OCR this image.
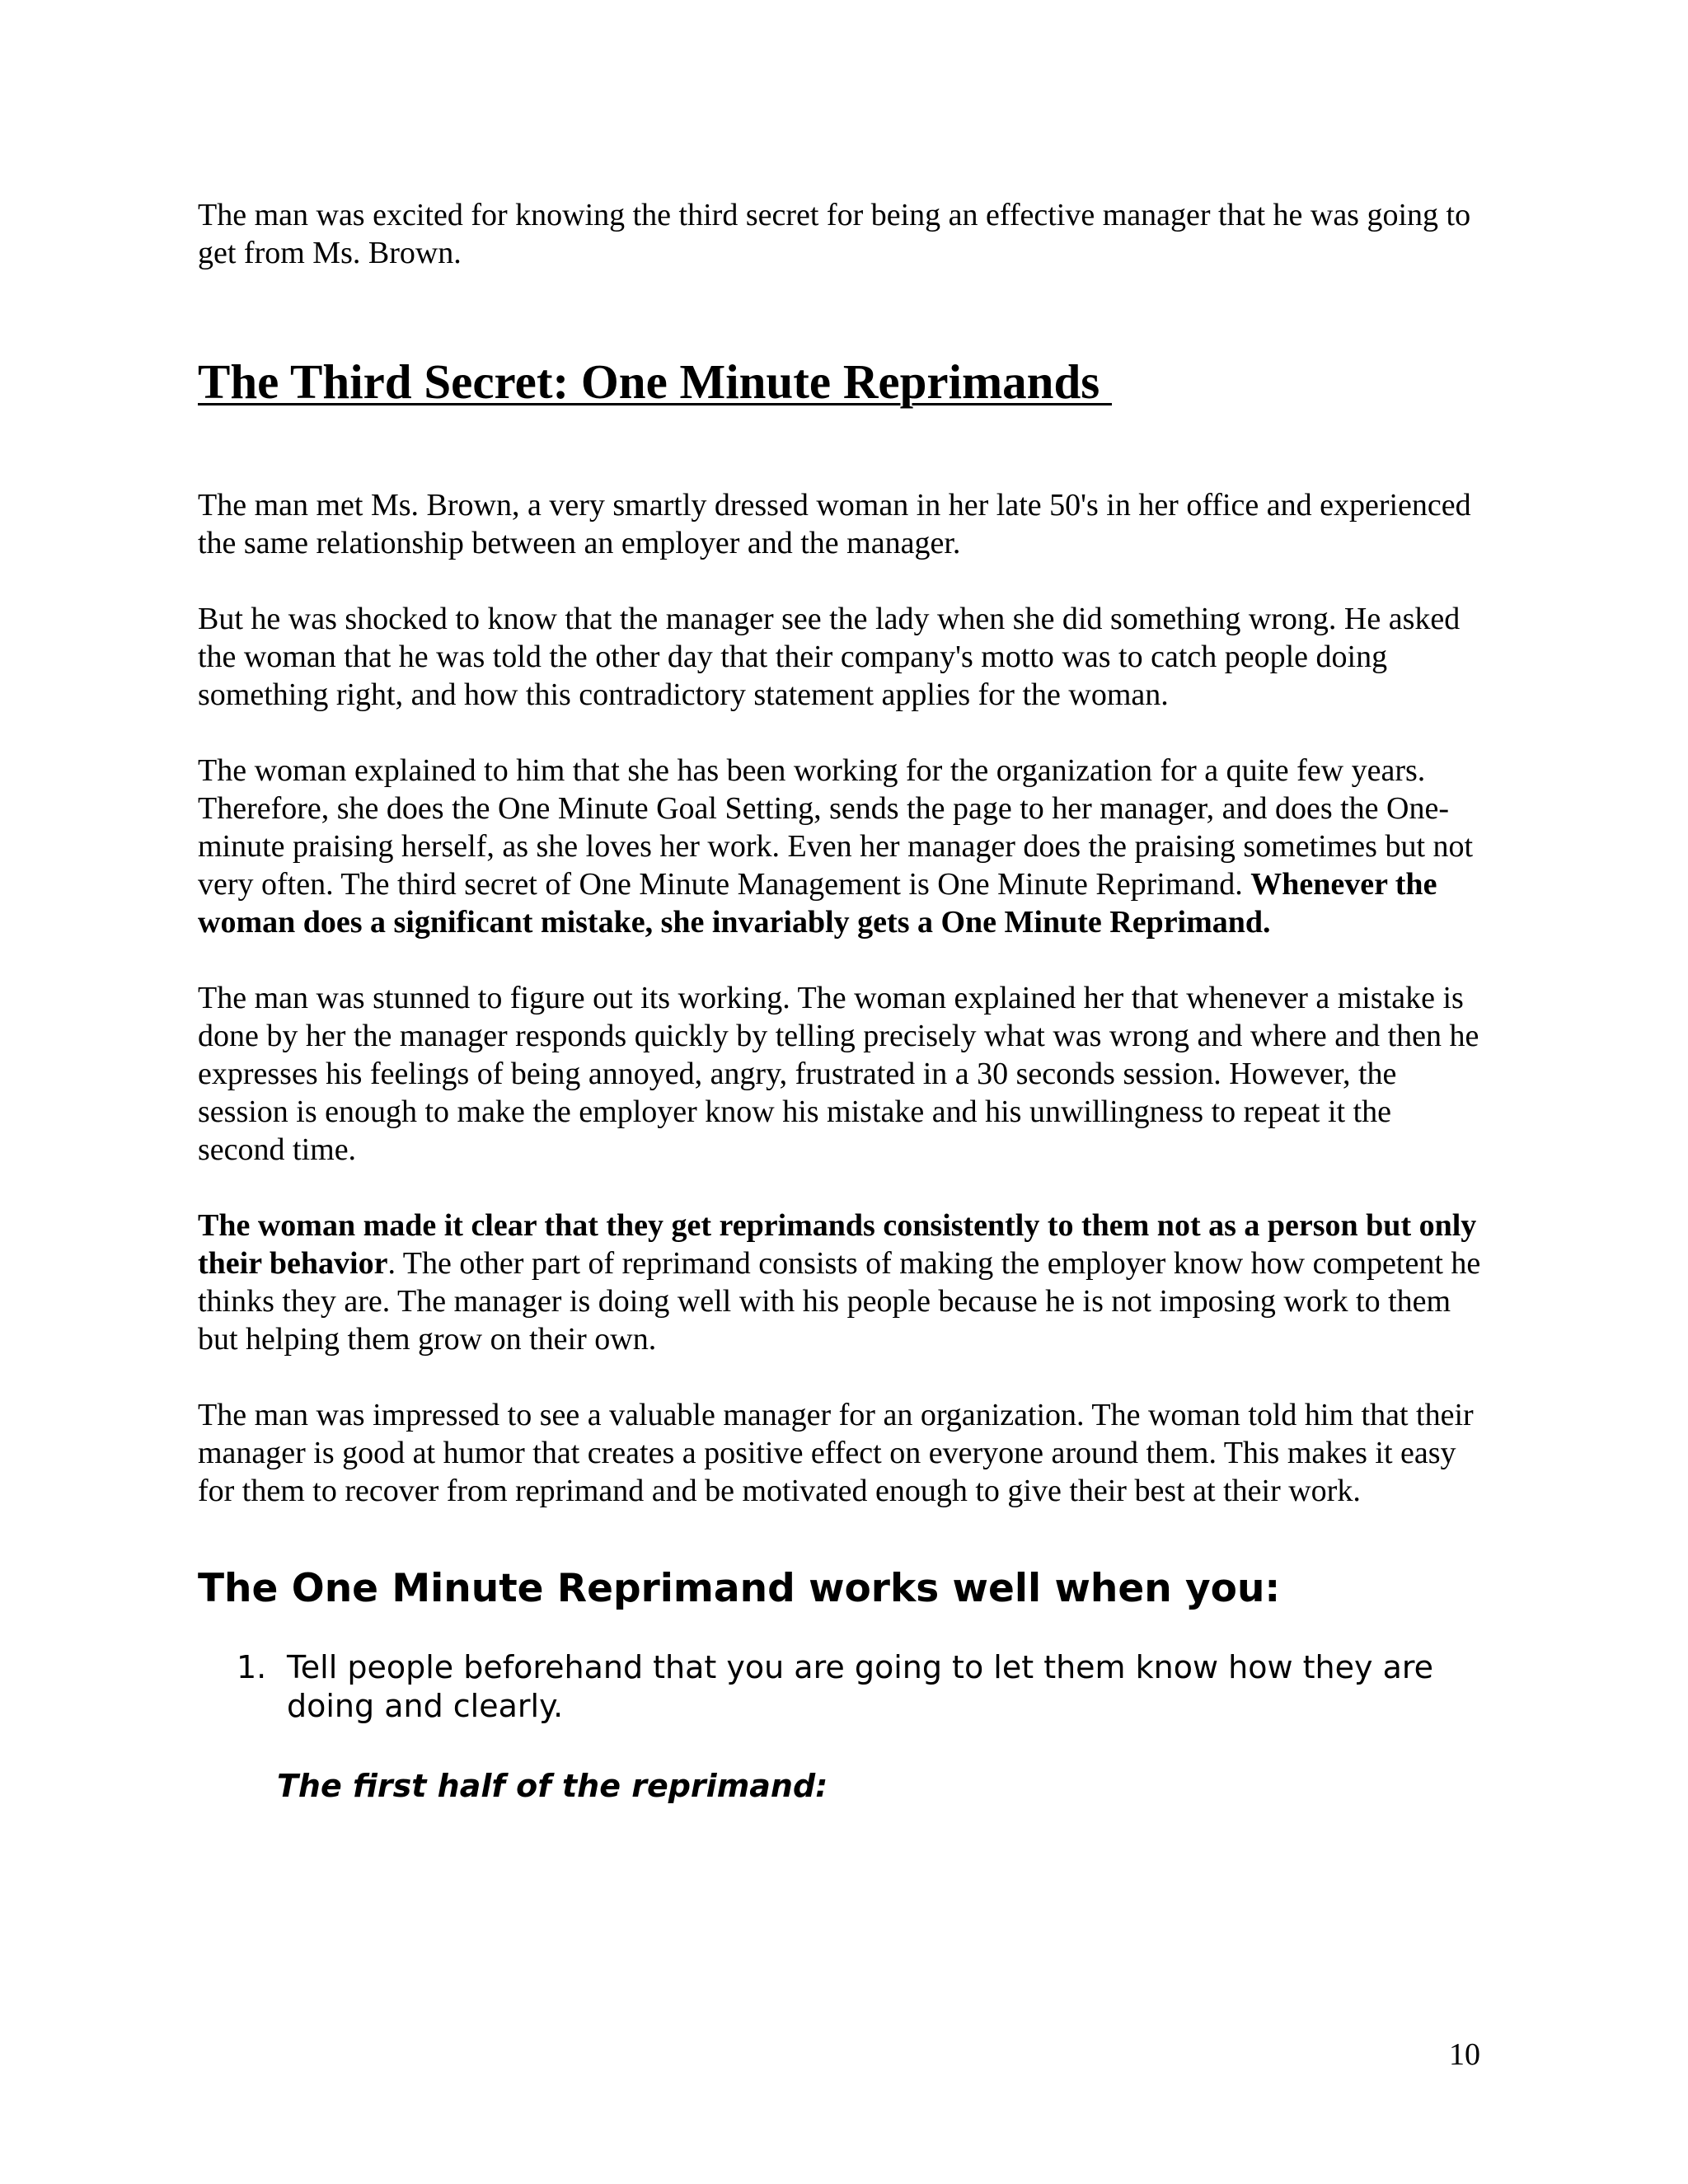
The man was excited for knowing the third secret for being an effective manager that he was going to get from Ms. Brown.

The Third Secret: One Minute Reprimands

The man met Ms. Brown, a very smartly dressed woman in her late 50's in her office and experienced the same relationship between an employer and the manager.

But he was shocked to know that the manager see the lady when she did something wrong. He asked the woman that he was told the other day that their company's motto was to catch people doing something right, and how this contradictory statement applies for the woman.

The woman explained to him that she has been working for the organization for a quite few years. Therefore, she does the One Minute Goal Setting, sends the page to her manager, and does the One-minute praising herself, as she loves her work. Even her manager does the praising sometimes but not very often. The third secret of One Minute Management is One Minute Reprimand. Whenever the woman does a significant mistake, she invariably gets a One Minute Reprimand.

The man was stunned to figure out its working. The woman explained her that whenever a mistake is done by her the manager responds quickly by telling precisely what was wrong and where and then he expresses his feelings of being annoyed, angry, frustrated in a 30 seconds session. However, the session is enough to make the employer know his mistake and his unwillingness to repeat it the second time.

The woman made it clear that they get reprimands consistently to them not as a person but only their behavior. The other part of reprimand consists of making the employer know how competent he thinks they are. The manager is doing well with his people because he is not imposing work to them but helping them grow on their own.

The man was impressed to see a valuable manager for an organization. The woman told him that their manager is good at humor that creates a positive effect on everyone around them. This makes it easy for them to recover from reprimand and be motivated enough to give their best at their work.

The One Minute Reprimand works well when you:
1. Tell people beforehand that you are going to let them know how they are doing and clearly.
The first half of the reprimand:
10
